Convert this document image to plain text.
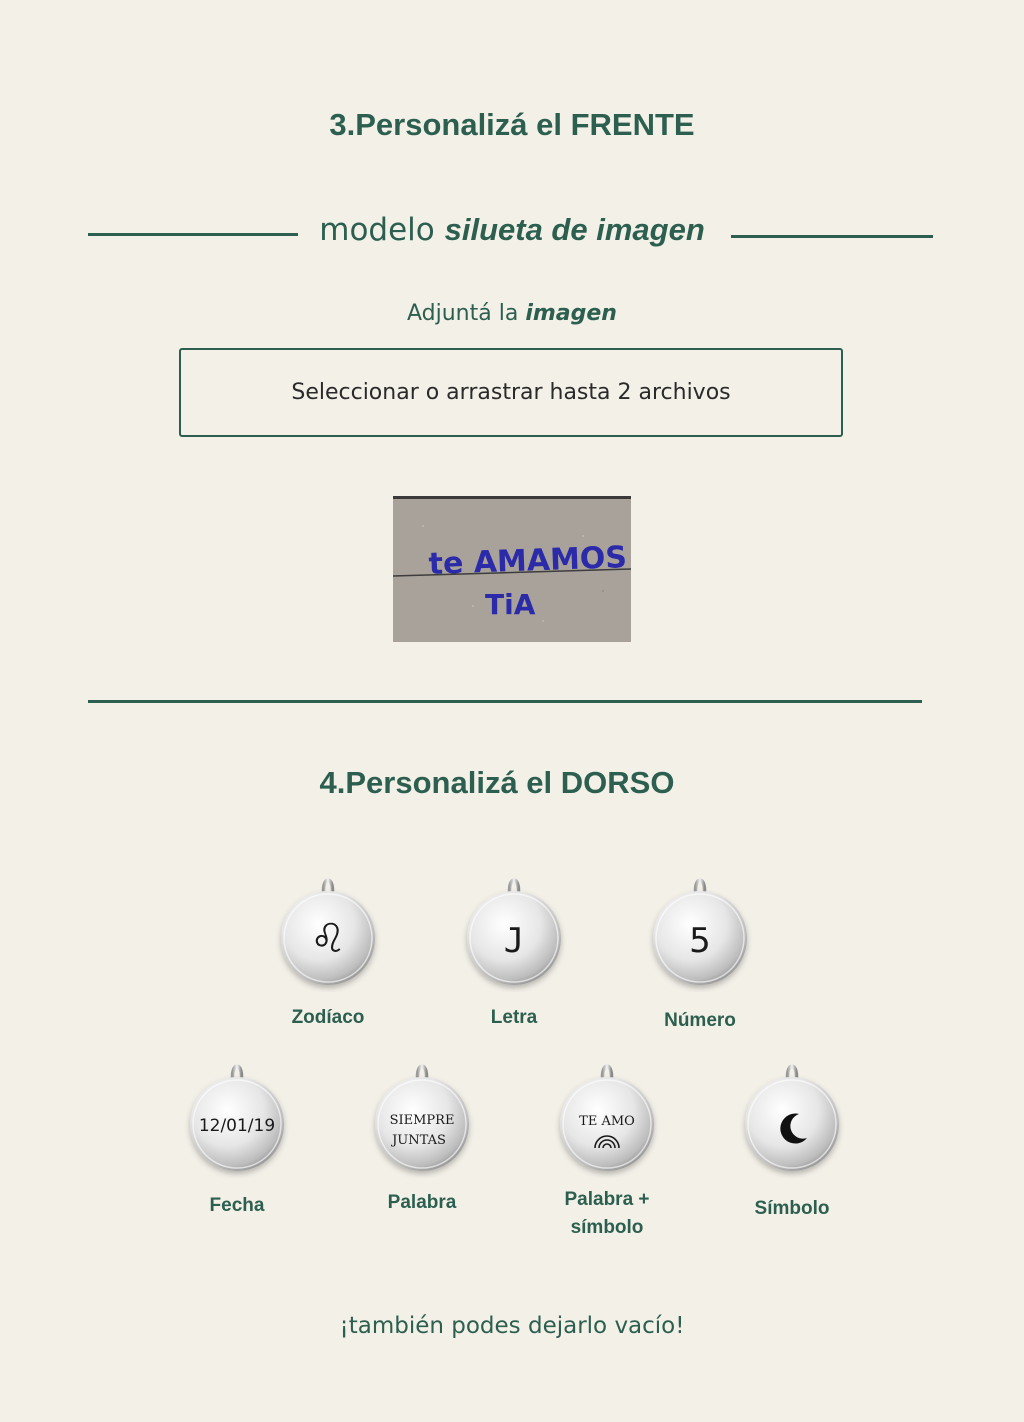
3.Personalizá el FRENTE
modelo silueta de imagen
Adjuntá la imagen
Seleccionar o arrastrar hasta 2 archivos
te AMAMOS
TiA
4.Personalizá el DORSO
♌
Zodíaco
J
Letra
5
Número
12/01/19
Fecha
SIEMPRE
JUNTAS
Palabra
TE AMO
Palabra +
símbolo
Símbolo
¡también podes dejarlo vacío!
